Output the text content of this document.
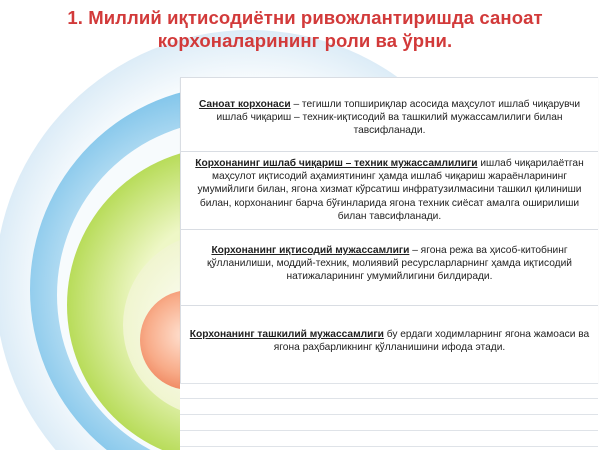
1. Миллий иқтисодиётни ривожлантиришда саноат
корхоналарининг роли ва ўрни.
Саноат корхонаси – тегишли топшириқлар асосида маҳсулот ишлаб чиқарувчи ишлаб чиқариш – техник-иқтисодий ва ташкилий мужассамлилиги билан тавсифланади.
Корхонанинг ишлаб чиқариш – техник мужассамлилиги ишлаб чиқарилаётган маҳсулот иқтисодий аҳамиятининг ҳамда ишлаб чиқариш жараёнларининг умумийлиги билан, ягона хизмат кўрсатиш инфратузилмасини ташкил қилиниши билан, корхонанинг барча бўғинларида ягона техник сиёсат амалга оширилиши билан тавсифланади.
Корхонанинг иқтисодий мужассамлиги – ягона режа ва ҳисоб-китобнинг қўлланилиши, моддий-техник, молиявий ресурсларларнинг ҳамда иқтисодий натижаларининг умумийлигини билдиради.
Корхонанинг ташкилий мужассамлиги бу ердаги ходимларнинг ягона жамоаси ва ягона раҳбарликнинг қўлланишини ифода этади.
